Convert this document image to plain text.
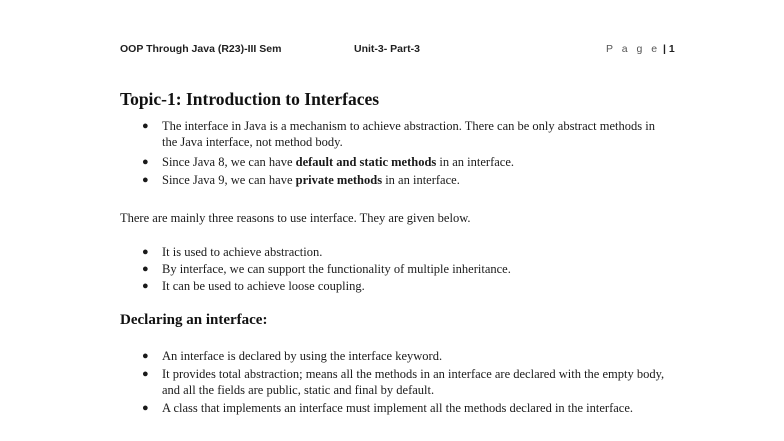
OOP Through Java (R23)-III Sem	Unit-3- Part-3	P a g e | 1
Topic-1: Introduction to Interfaces
● The interface in Java is a mechanism to achieve abstraction. There can be only abstract methods in the Java interface, not method body.
● Since Java 8, we can have default and static methods in an interface.
● Since Java 9, we can have private methods in an interface.
There are mainly three reasons to use interface. They are given below.
● It is used to achieve abstraction.
● By interface, we can support the functionality of multiple inheritance.
● It can be used to achieve loose coupling.
Declaring an interface:
● An interface is declared by using the interface keyword.
● It provides total abstraction; means all the methods in an interface are declared with the empty body, and all the fields are public, static and final by default.
● A class that implements an interface must implement all the methods declared in the interface.
